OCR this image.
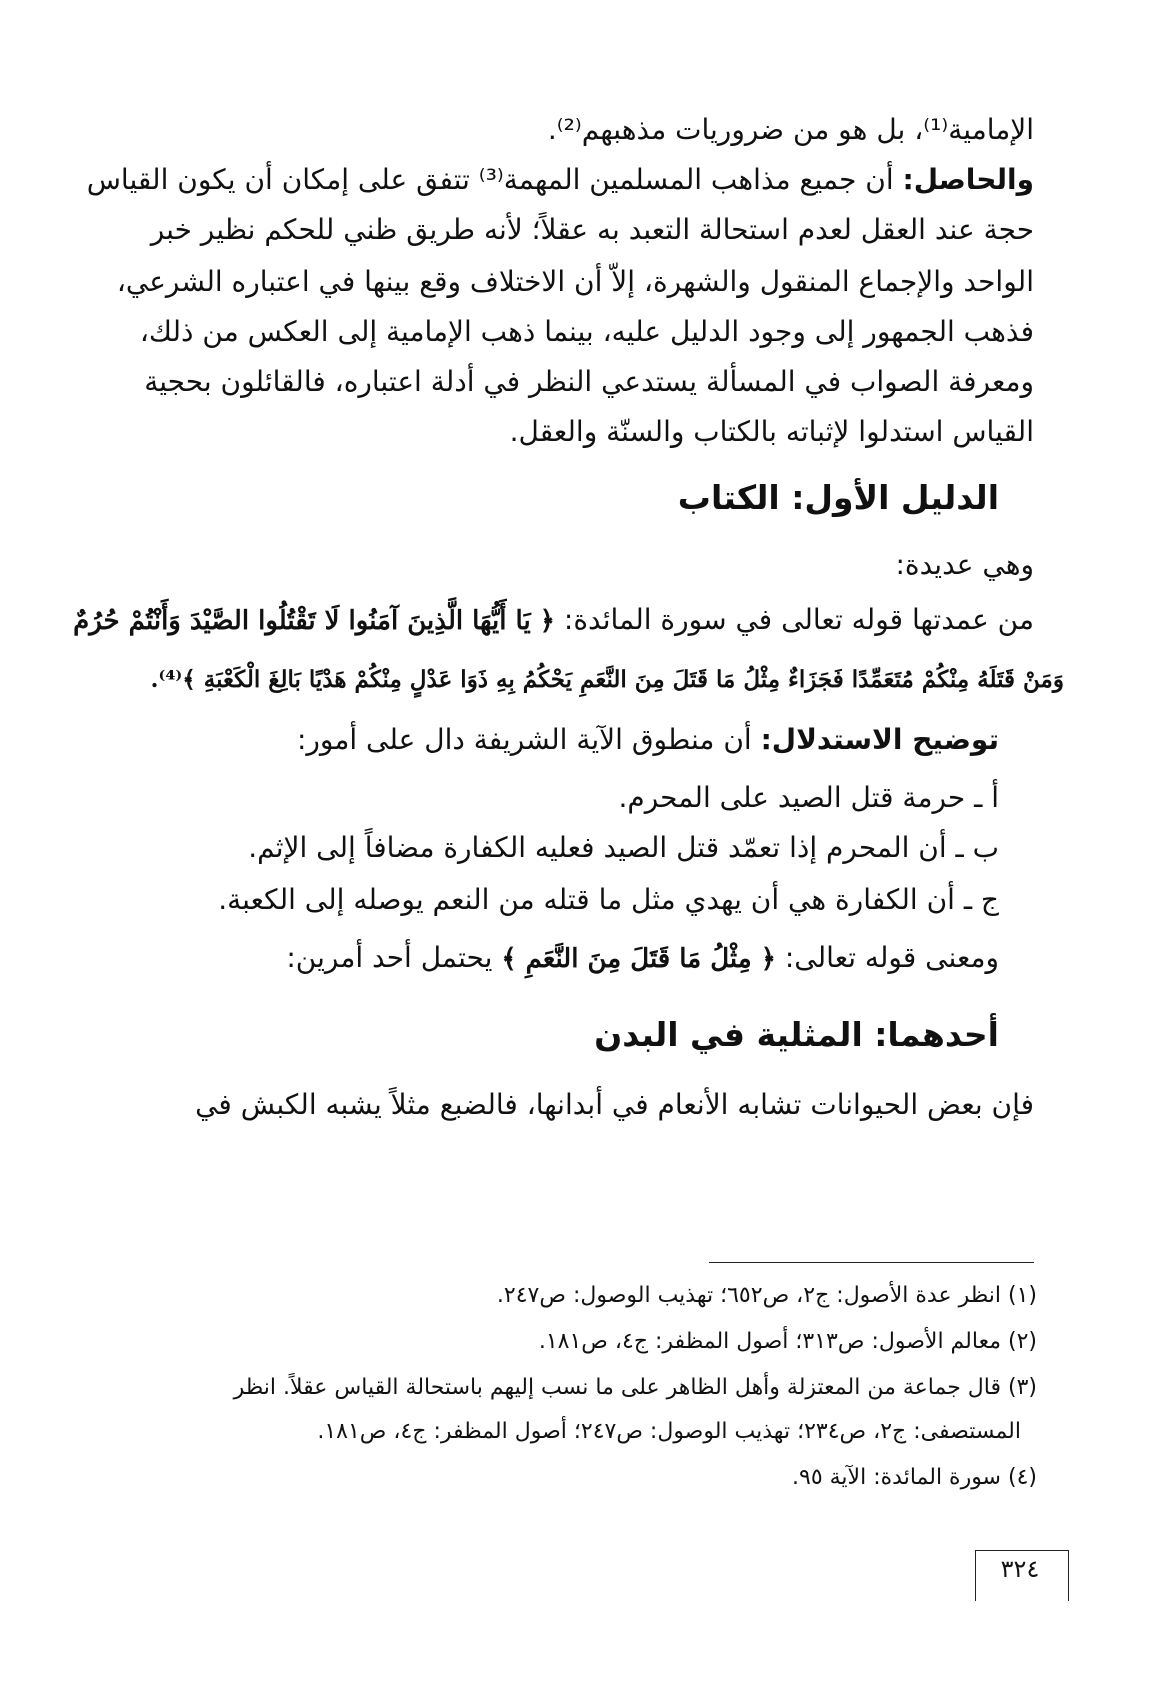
الإمامية⁽¹⁾، بل هو من ضروريات مذهبهم⁽²⁾.
والحاصل: أن جميع مذاهب المسلمين المهمة⁽³⁾ تتفق على إمكان أن يكون القياس
حجة عند العقل لعدم استحالة التعبد به عقلاً؛ لأنه طريق ظني للحكم نظير خبر
الواحد والإجماع المنقول والشهرة، إلاّ أن الاختلاف وقع بينها في اعتباره الشرعي،
فذهب الجمهور إلى وجود الدليل عليه، بينما ذهب الإمامية إلى العكس من ذلك،
ومعرفة الصواب في المسألة يستدعي النظر في أدلة اعتباره، فالقائلون بحجية
القياس استدلوا لإثباته بالكتاب والسنّة والعقل.
الدليل الأول: الكتاب
وهي عديدة:
من عمدتها قوله تعالى في سورة المائدة: ﴿ يَا أَيُّهَا الَّذِينَ آمَنُوا لَا تَقْتُلُوا الصَّيْدَ وَأَنْتُمْ حُرُمٌ
وَمَنْ قَتَلَهُ مِنْكُمْ مُتَعَمِّدًا فَجَزَاءٌ مِثْلُ مَا قَتَلَ مِنَ النَّعَمِ يَحْكُمُ بِهِ ذَوَا عَدْلٍ مِنْكُمْ هَدْيًا بَالِغَ الْكَعْبَةِ ﴾⁽⁴⁾.
توضيح الاستدلال: أن منطوق الآية الشريفة دال على أمور:
أ ـ حرمة قتل الصيد على المحرم.
ب ـ أن المحرم إذا تعمّد قتل الصيد فعليه الكفارة مضافاً إلى الإثم.
ج ـ أن الكفارة هي أن يهدي مثل ما قتله من النعم يوصله إلى الكعبة.
ومعنى قوله تعالى: ﴿ مِثْلُ مَا قَتَلَ مِنَ النَّعَمِ ﴾ يحتمل أحد أمرين:
أحدهما: المثلية في البدن
فإن بعض الحيوانات تشابه الأنعام في أبدانها، فالضبع مثلاً يشبه الكبش في
(١) انظر عدة الأصول: ج٢، ص٦٥٢؛ تهذيب الوصول: ص٢٤٧.
(٢) معالم الأصول: ص٣١٣؛ أصول المظفر: ج٤، ص١٨١.
(٣) قال جماعة من المعتزلة وأهل الظاهر على ما نسب إليهم باستحالة القياس عقلاً. انظر
المستصفى: ج٢، ص٢٣٤؛ تهذيب الوصول: ص٢٤٧؛ أصول المظفر: ج٤، ص١٨١.
(٤) سورة المائدة: الآية ٩٥.
٣٢٤
